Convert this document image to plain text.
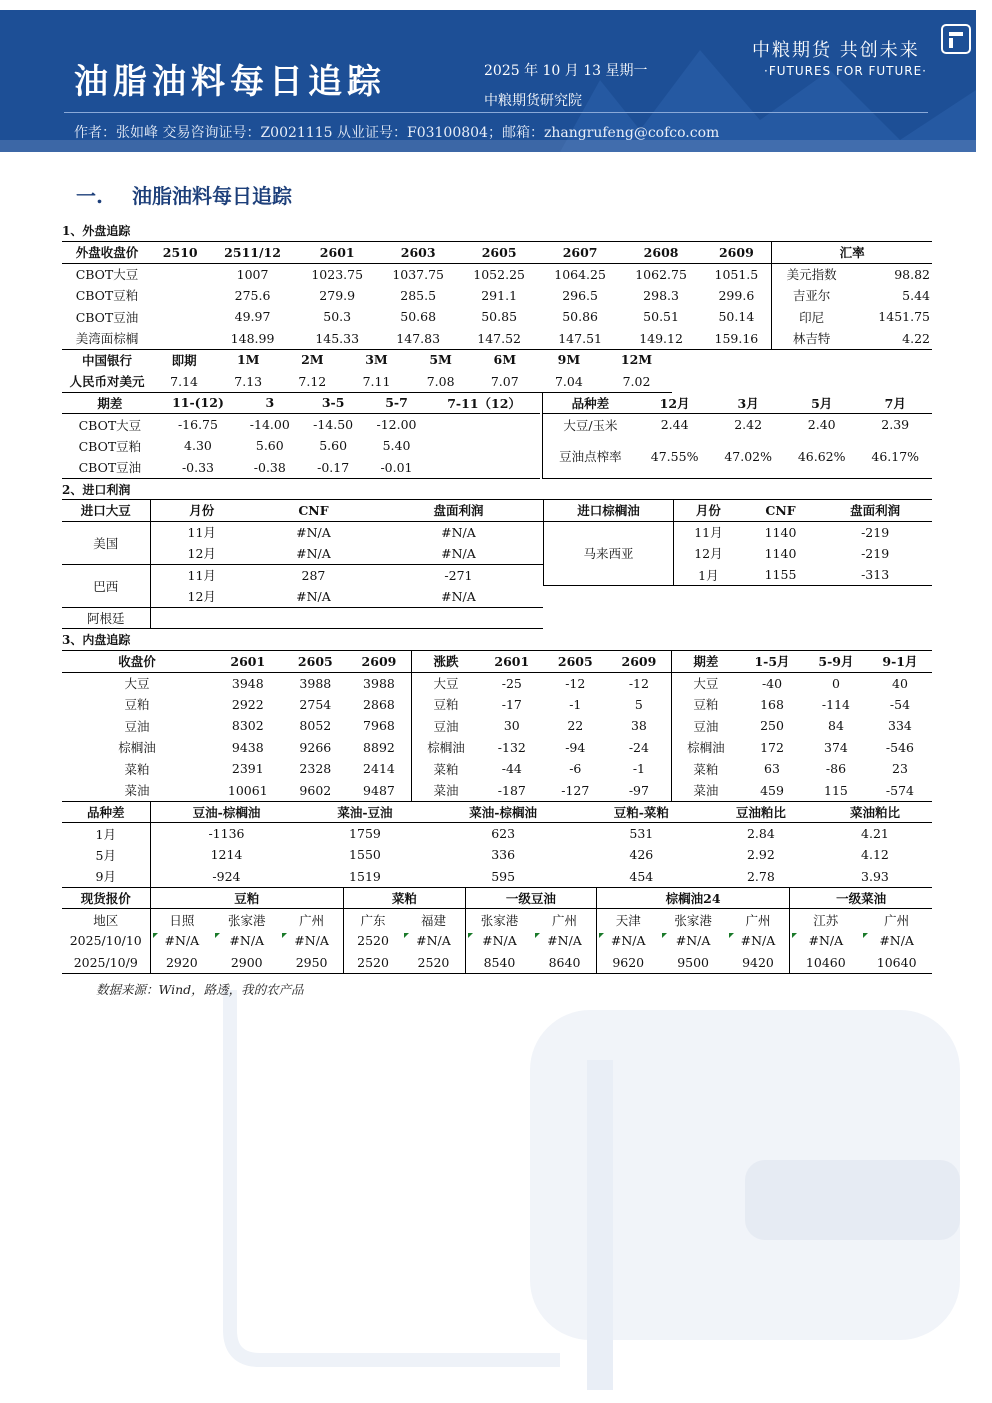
油脂油料每日追踪	2025 年 10 月 13 星期一
中粮期货研究院
中粮期货 共创未来
·FUTURES FOR FUTURE·
作者：张如峰 交易咨询证号：Z0021115 从业证号：F03100804；邮箱：zhangrufeng@cofco.com
一. 油脂油料每日追踪
1、外盘追踪
外盘收盘价	2510	2511/12	2601	2603	2605	2607	2608	2609	汇率	
CBOT大豆		1007	1023.75	1037.75	1052.25	1064.25	1062.75	1051.5	美元指数	98.82
CBOT豆粕		275.6	279.9	285.5	291.1	296.5	298.3	299.6	吉亚尔	5.44
CBOT豆油		49.97	50.3	50.68	50.85	50.86	50.51	50.14	印尼	1451.75
美湾面棕榈		148.99	145.33	147.83	147.52	147.51	149.12	159.16	林吉特	4.22
中国银行	即期	1M	2M	3M	5M	6M	9M	12M
人民币对美元	7.14	7.13	7.12	7.11	7.08	7.07	7.04	7.02
期差	11-(12)	3	3-5	5-7	7-11（12）
CBOT大豆	-16.75	-14.00	-14.50	-12.00	
CBOT豆粕	4.30	5.60	5.60	5.40	
CBOT豆油	-0.33	-0.38	-0.17	-0.01	
品种差	12月	3月	5月	7月
大豆/玉米	2.44	2.42	2.40	2.39
豆油点榨率	47.55%	47.02%	46.62%	46.17%
2、进口利润
进口大豆	月份	CNF	盘面利润
美国	11月	#N/A	#N/A
	12月	#N/A	#N/A
巴西	11月	287	-271
	12月	#N/A	#N/A
阿根廷			
进口棕榈油	月份	CNF	盘面利润
马来西亚	11月	1140	-219
	12月	1140	-219
	1月	1155	-313
3、内盘追踪
收盘价	2601	2605	2609	涨跌	2601	2605	2609	期差	1-5月	5-9月	9-1月
大豆	3948	3988	3988	大豆	-25	-12	-12	大豆	-40	0	40
豆粕	2922	2754	2868	豆粕	-17	-1	5	豆粕	168	-114	-54
豆油	8302	8052	7968	豆油	30	22	38	豆油	250	84	334
棕榈油	9438	9266	8892	棕榈油	-132	-94	-24	棕榈油	172	374	-546
菜粕	2391	2328	2414	菜粕	-44	-6	-1	菜粕	63	-86	23
菜油	10061	9602	9487	菜油	-187	-127	-97	菜油	459	115	-574
品种差	豆油-棕榈油	菜油-豆油	菜油-棕榈油	豆粕-菜粕	豆油粕比	菜油粕比
1月	-1136	1759	623	531	2.84	4.21
5月	1214	1550	336	426	2.92	4.12
9月	-924	1519	595	454	2.78	3.93
现货报价	豆粕			菜粕		一级豆油		棕榈油24			一级菜油	
地区	日照	张家港	广州	广东	福建	张家港	广州	天津	张家港	广州	江苏	广州
2025/10/10	#N/A	#N/A	#N/A	2520	#N/A	#N/A	#N/A	#N/A	#N/A	#N/A	#N/A	#N/A
2025/10/9	2920	2900	2950	2520	2520	8540	8640	9620	9500	9420	10460	10640
数据来源：Wind，路透，我的农产品
